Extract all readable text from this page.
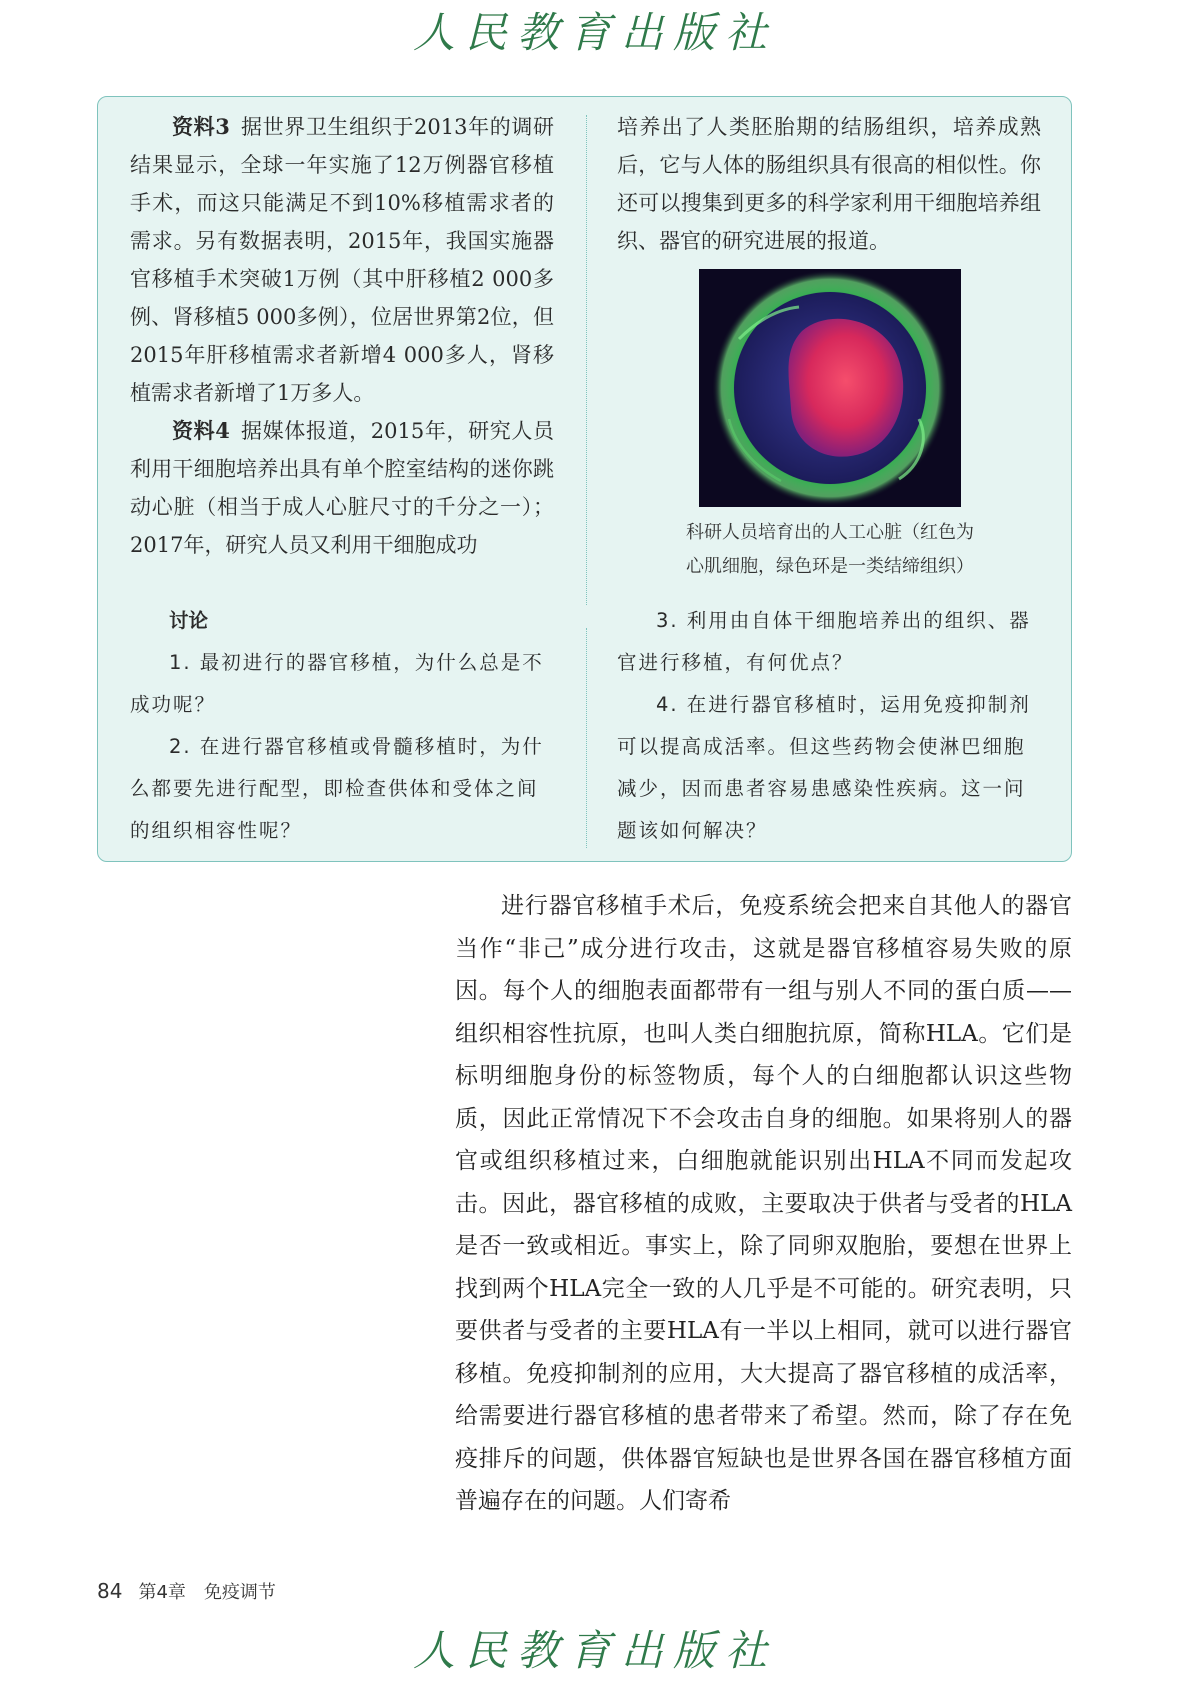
人民教育出版社

资料3  据世界卫生组织于2013年的调研结果显示，全球一年实施了12万例器官移植手术，而这只能满足不到10%移植需求者的需求。另有数据表明，2015年，我国实施器官移植手术突破1万例（其中肝移植2 000多例、肾移植5 000多例），位居世界第2位，但2015年肝移植需求者新增4 000多人，肾移植需求者新增了1万多人。

资料4  据媒体报道，2015年，研究人员利用干细胞培养出具有单个腔室结构的迷你跳动心脏（相当于成人心脏尺寸的千分之一）；2017年，研究人员又利用干细胞成功

培养出了人类胚胎期的结肠组织，培养成熟后，它与人体的肠组织具有很高的相似性。你还可以搜集到更多的科学家利用干细胞培养组织、器官的研究进展的报道。

科研人员培育出的人工心脏（红色为
心肌细胞，绿色环是一类结缔组织）

讨论

1. 最初进行的器官移植，为什么总是不成功呢？

2. 在进行器官移植或骨髓移植时，为什么都要先进行配型，即检查供体和受体之间的组织相容性呢？

3. 利用由自体干细胞培养出的组织、器官进行移植，有何优点？

4. 在进行器官移植时，运用免疫抑制剂可以提高成活率。但这些药物会使淋巴细胞减少，因而患者容易患感染性疾病。这一问题该如何解决？

进行器官移植手术后，免疫系统会把来自其他人的器官当作“非己”成分进行攻击，这就是器官移植容易失败的原因。每个人的细胞表面都带有一组与别人不同的蛋白质——组织相容性抗原，也叫人类白细胞抗原，简称HLA。它们是标明细胞身份的标签物质，每个人的白细胞都认识这些物质，因此正常情况下不会攻击自身的细胞。如果将别人的器官或组织移植过来，白细胞就能识别出HLA不同而发起攻击。因此，器官移植的成败，主要取决于供者与受者的HLA是否一致或相近。事实上，除了同卵双胞胎，要想在世界上找到两个HLA完全一致的人几乎是不可能的。研究表明，只要供者与受者的主要HLA有一半以上相同，就可以进行器官移植。免疫抑制剂的应用，大大提高了器官移植的成活率，给需要进行器官移植的患者带来了希望。然而，除了存在免疫排斥的问题，供体器官短缺也是世界各国在器官移植方面普遍存在的问题。人们寄希

84 第4章　免疫调节
人民教育出版社
